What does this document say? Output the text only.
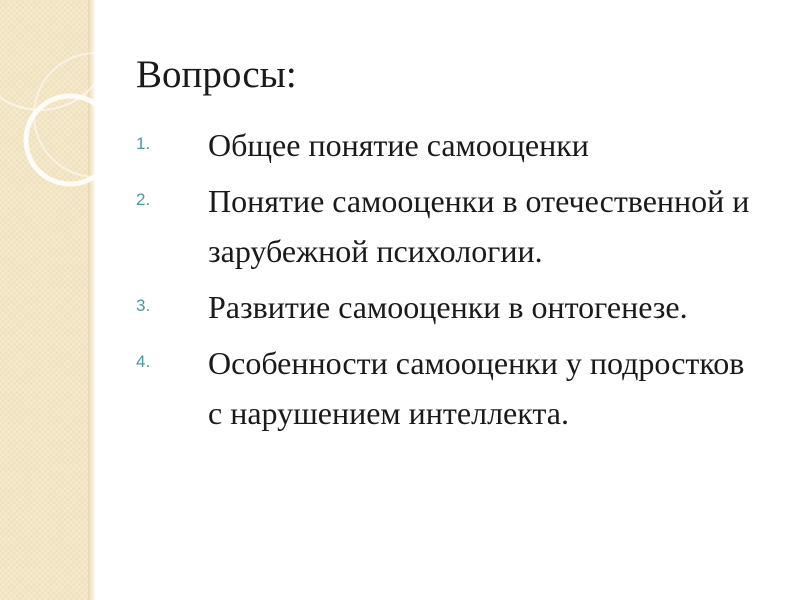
Вопросы:
1.	Общее понятие самооценки
2.	Понятие самооценки в отечественной и зарубежной психологии.
3.	Развитие самооценки в онтогенезе.
4.	Особенности самооценки у подростков с нарушением интеллекта.
